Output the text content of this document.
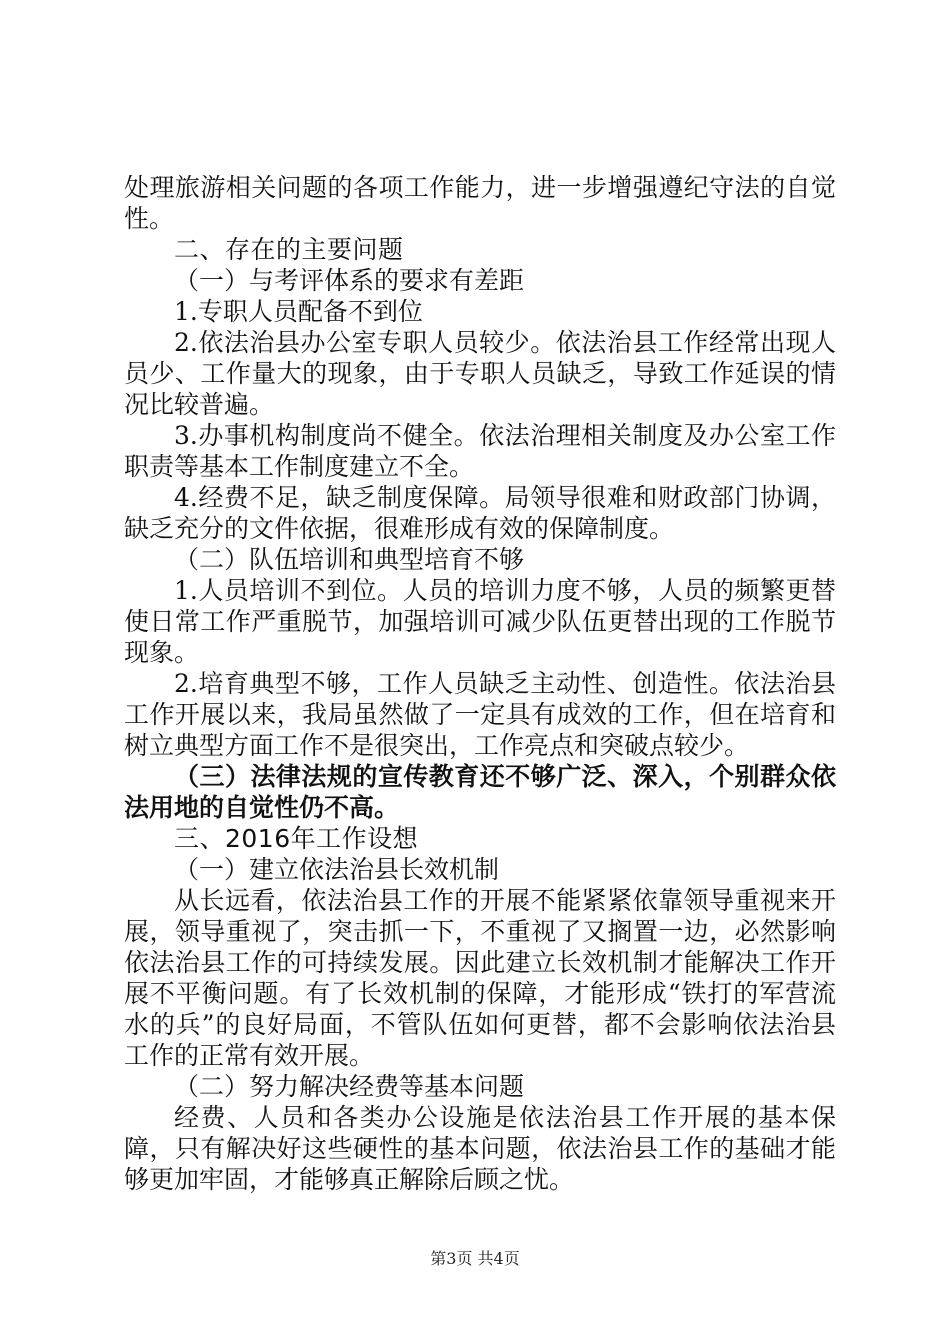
处理旅游相关问题的各项工作能力，进一步增强遵纪守法的自觉性。

二、存在的主要问题

（一）与考评体系的要求有差距

1.专职人员配备不到位

2.依法治县办公室专职人员较少。依法治县工作经常出现人员少、工作量大的现象，由于专职人员缺乏，导致工作延误的情况比较普遍。

3.办事机构制度尚不健全。依法治理相关制度及办公室工作职责等基本工作制度建立不全。

4.经费不足，缺乏制度保障。局领导很难和财政部门协调，缺乏充分的文件依据，很难形成有效的保障制度。

（二）队伍培训和典型培育不够

1.人员培训不到位。人员的培训力度不够，人员的频繁更替使日常工作严重脱节，加强培训可减少队伍更替出现的工作脱节现象。

2.培育典型不够，工作人员缺乏主动性、创造性。依法治县工作开展以来，我局虽然做了一定具有成效的工作，但在培育和树立典型方面工作不是很突出，工作亮点和突破点较少。

（三）法律法规的宣传教育还不够广泛、深入，个别群众依法用地的自觉性仍不高。

三、2016年工作设想

（一）建立依法治县长效机制

从长远看，依法治县工作的开展不能紧紧依靠领导重视来开展，领导重视了，突击抓一下，不重视了又搁置一边，必然影响依法治县工作的可持续发展。因此建立长效机制才能解决工作开展不平衡问题。有了长效机制的保障，才能形成“铁打的军营流水的兵”的良好局面，不管队伍如何更替，都不会影响依法治县工作的正常有效开展。

（二）努力解决经费等基本问题

经费、人员和各类办公设施是依法治县工作开展的基本保障，只有解决好这些硬性的基本问题，依法治县工作的基础才能够更加牢固，才能够真正解除后顾之忧。

第3页 共4页
